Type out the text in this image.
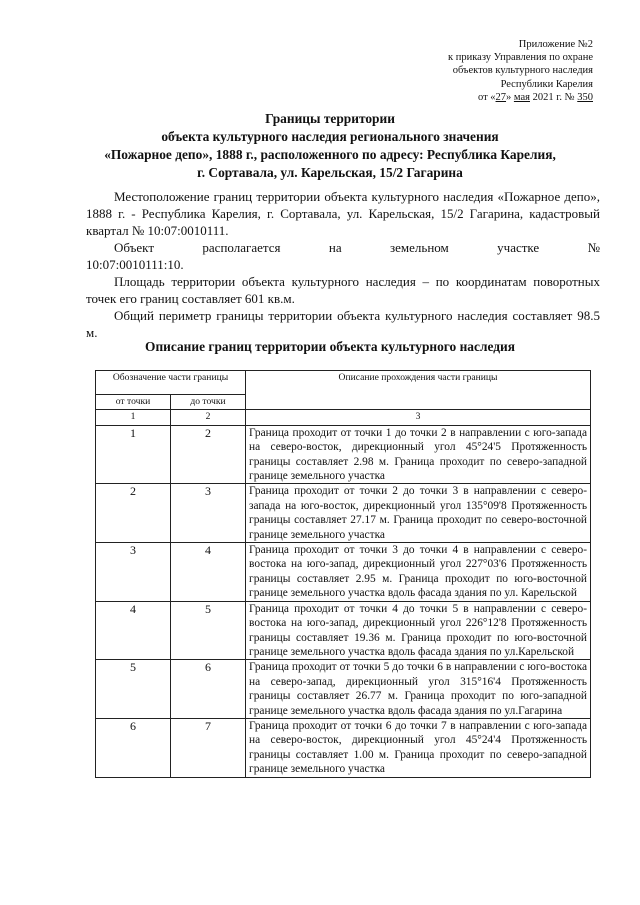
Приложение №2
к приказу Управления по охране
объектов культурного наследия
Республики Карелия
от «27» мая 2021 г. № 350
Границы территории
объекта культурного наследия регионального значения
«Пожарное депо», 1888 г., расположенного по адресу: Республика Карелия,
г. Сортавала, ул. Карельская, 15/2 Гагарина

Местоположение границ территории объекта культурного наследия «Пожарное депо», 1888 г. - Республика Карелия, г. Сортавала, ул. Карельская, 15/2 Гагарина, кадастровый квартал № 10:07:0010111.

Объект располагается на земельном участке № 10:07:0010111:10.

Площадь территории объекта культурного наследия – по координатам поворотных точек его границ составляет 601 кв.м.

Общий периметр границы территории объекта культурного наследия составляет 98.5 м.

Описание границ территории объекта культурного наследия
Обозначение части границы		Описание прохождения части границы
от точки	до точки	
1	2	3
1	2	Граница проходит от точки 1 до точки 2 в направлении с юго-запада на северо-восток, дирекционный угол 45°24'5 Протяженность границы составляет 2.98 м. Граница проходит по северо-западной границе земельного участка
2	3	Граница проходит от точки 2 до точки 3 в направлении с северо-запада на юго-восток, дирекционный угол 135°09'8 Протяженность границы составляет 27.17 м. Граница проходит по северо-восточной границе земельного участка
3	4	Граница проходит от точки 3 до точки 4 в направлении с северо-востока на юго-запад, дирекционный угол 227°03'6 Протяженность границы составляет 2.95 м. Граница проходит по юго-восточной границе земельного участка вдоль фасада здания по ул. Карельской
4	5	Граница проходит от точки 4 до точки 5 в направлении с северо-востока на юго-запад, дирекционный угол 226°12'8 Протяженность границы составляет 19.36 м. Граница проходит по юго-восточной границе земельного участка вдоль фасада здания по ул.Карельской
5	6	Граница проходит от точки 5 до точки 6 в направлении с юго-востока на северо-запад, дирекционный угол 315°16'4 Протяженность границы составляет 26.77 м. Граница проходит по юго-западной границе земельного участка вдоль фасада здания по ул.Гагарина
6	7	Граница проходит от точки 6 до точки 7 в направлении с юго-запада на северо-восток, дирекционный угол 45°24'4 Протяженность границы составляет 1.00 м. Граница проходит по северо-западной границе земельного участка
